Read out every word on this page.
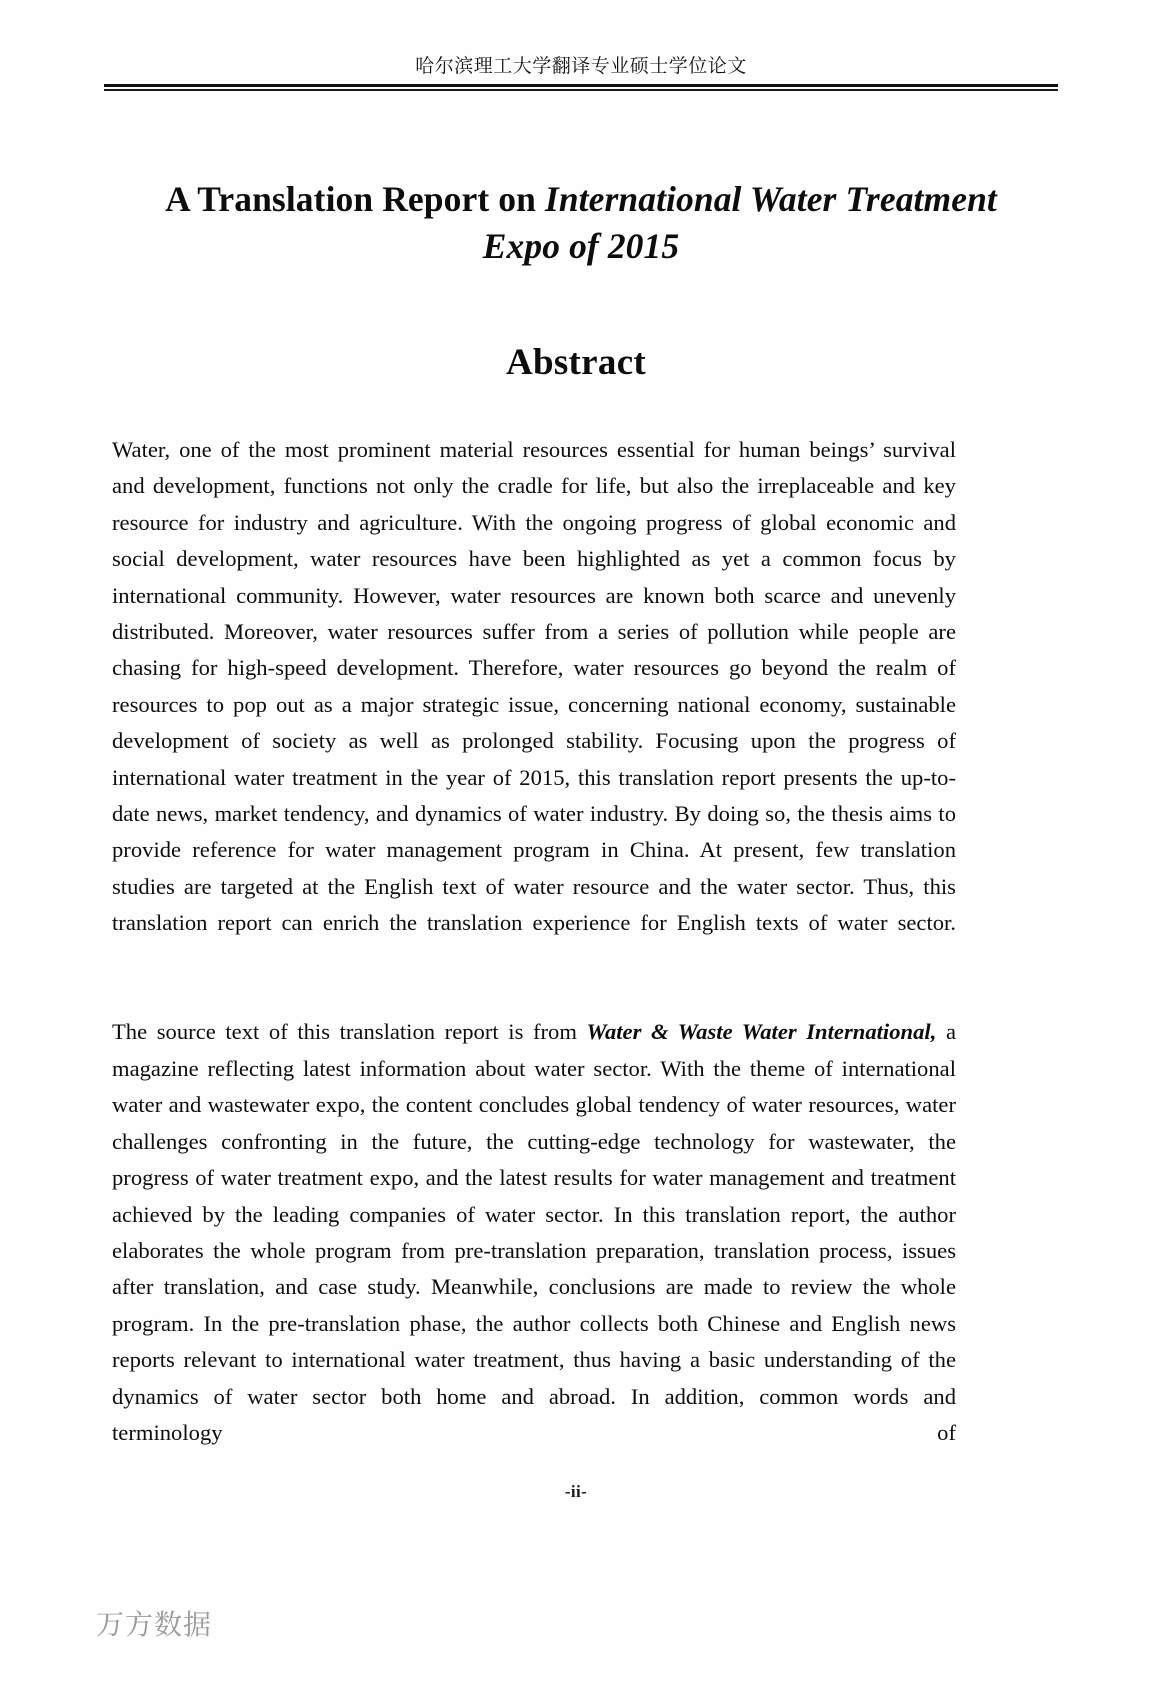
哈尔滨理工大学翻译专业硕士学位论文
A Translation Report on International Water Treatment Expo of 2015
Abstract

Water, one of the most prominent material resources essential for human beings’ survival and development, functions not only the cradle for life, but also the irreplaceable and key resource for industry and agriculture. With the ongoing progress of global economic and social development, water resources have been highlighted as yet a common focus by international community. However, water resources are known both scarce and unevenly distributed. Moreover, water resources suffer from a series of pollution while people are chasing for high-speed development. Therefore, water resources go beyond the realm of resources to pop out as a major strategic issue, concerning national economy, sustainable development of society as well as prolonged stability. Focusing upon the progress of international water treatment in the year of 2015, this translation report presents the up-to-date news, market tendency, and dynamics of water industry. By doing so, the thesis aims to provide reference for water management program in China. At present, few translation studies are targeted at the English text of water resource and the water sector. Thus, this translation report can enrich the translation experience for English texts of water sector.

The source text of this translation report is from Water & Waste Water International, a magazine reflecting latest information about water sector. With the theme of international water and wastewater expo, the content concludes global tendency of water resources, water challenges confronting in the future, the cutting-edge technology for wastewater, the progress of water treatment expo, and the latest results for water management and treatment achieved by the leading companies of water sector. In this translation report, the author elaborates the whole program from pre-translation preparation, translation process, issues after translation, and case study. Meanwhile, conclusions are made to review the whole program. In the pre-translation phase, the author collects both Chinese and English news reports relevant to international water treatment, thus having a basic understanding of the dynamics of water sector both home and abroad. In addition, common words and terminology of

-ii-
万方数据
